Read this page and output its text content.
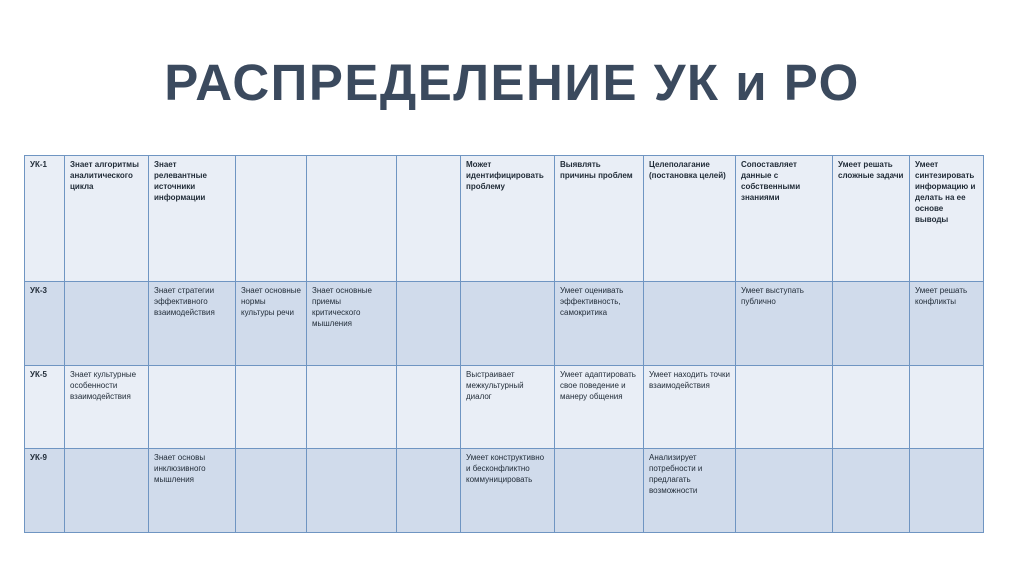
РАСПРЕДЕЛЕНИЕ УК и РО
УК-1	Знает алгоритмы аналитического цикла	Знает релевантные источники информации				Может идентифицировать проблему	Выявлять причины проблем	Целеполагание (постановка целей)	Сопоставляет данные с собственными знаниями	Умеет решать сложные задачи	Умеет синтезировать информацию и делать на ее основе выводы
УК-3		Знает стратегии эффективного взаимодействия	Знает основные нормы культуры речи	Знает основные приемы критического мышления			Умеет оценивать эффективность, самокритика		Умеет выступать публично		Умеет решать конфликты
УК-5	Знает культурные особенности взаимодействия					Выстраивает межкультурный диалог	Умеет адаптировать свое поведение и манеру общения	Умеет находить точки взаимодействия			
УК-9		Знает основы инклюзивного мышления				Умеет конструктивно и бесконфликтно коммуницировать		Анализирует потребности и предлагать возможности			
